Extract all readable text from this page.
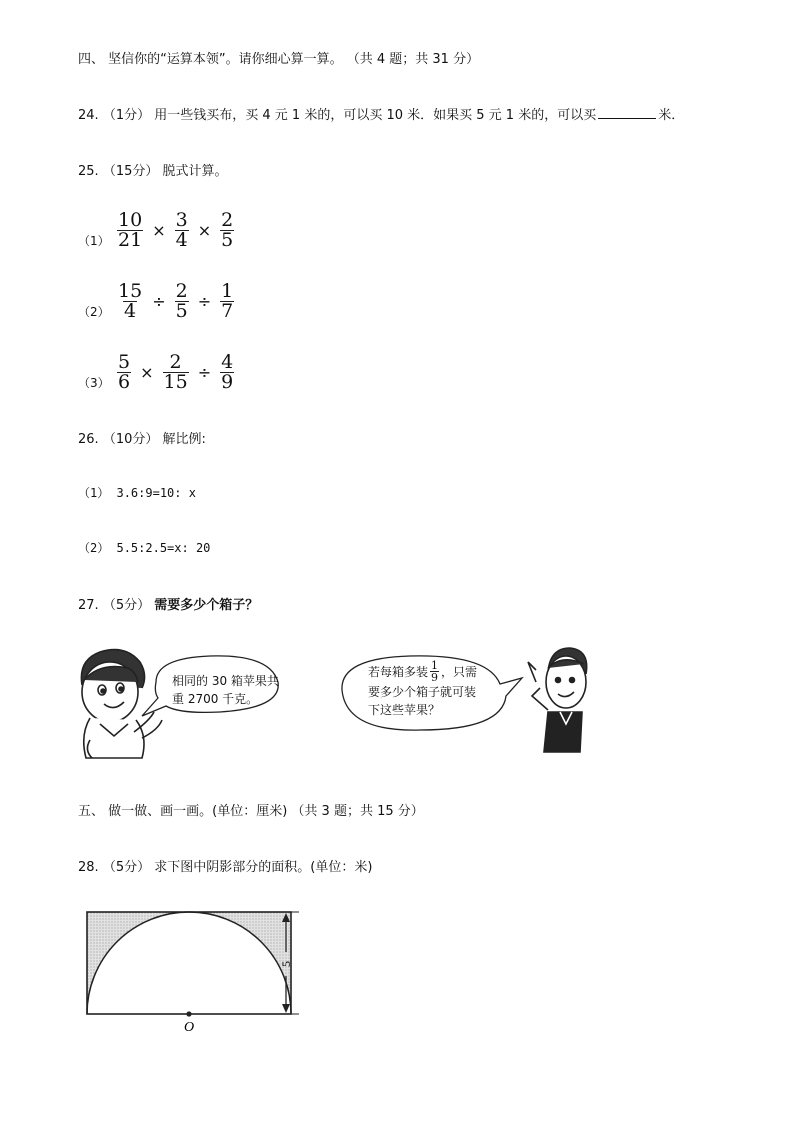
四、 坚信你的“运算本领”。请你细心算一算。 （共 4 题；共 31 分）
24. （1分） 用一些钱买布，买 4 元 1 米的，可以买 10 米．如果买 5 元 1 米的，可以买	米．
25. （15分） 脱式计算。
$(1) \frac{10}{21} \times \frac{3}{4} \times \frac{2}{5}$
$(2) \frac{15}{4} \div \frac{2}{5} \div \frac{1}{7}$
$(3) \frac{5}{6} \times \frac{2}{15} \div \frac{4}{9}$
26. （10分） 解比例:
（1） 3.6:9=10: x
（2） 5.5:2.5=x: 20
27. （5分） 需要多少个箱子？
相同的 30 箱苹果共
重 2700 千克。
若每箱多装 $\frac{1}{9}$ ，只需
要多少个箱子就可装
下这些苹果？
五、 做一做、画一画。(单位：厘米) （共 3 题；共 15 分）
28. （5分） 求下图中阴影部分的面积。(单位：米)
5
O
